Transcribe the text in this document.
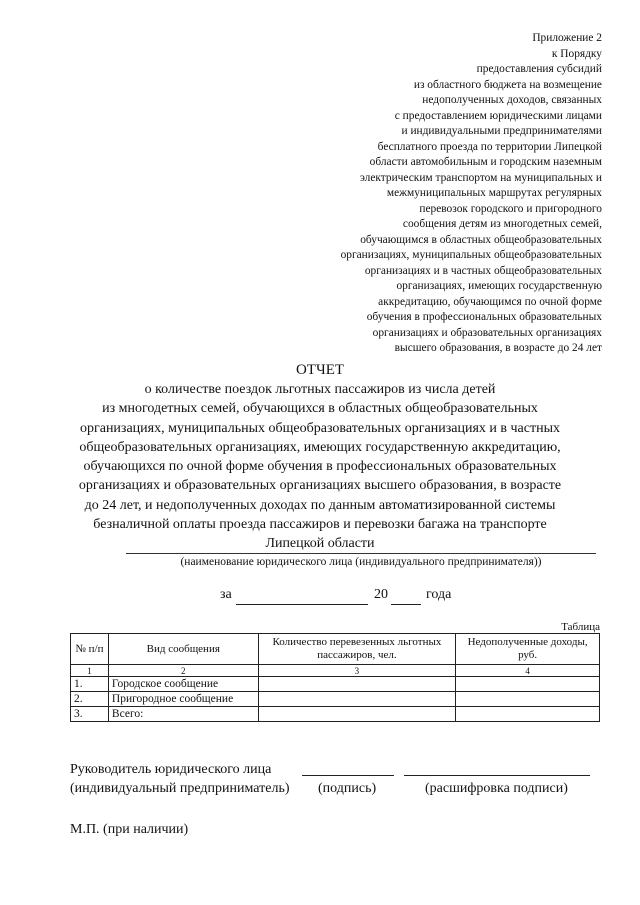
Приложение 2
к Порядку
предоставления субсидий
из областного бюджета на возмещение
недополученных доходов, связанных
с предоставлением юридическими лицами
и индивидуальными предпринимателями
бесплатного проезда по территории Липецкой
области автомобильным и городским наземным
электрическим транспортом на муниципальных и
межмуниципальных маршрутах регулярных
перевозок городского и пригородного
сообщения детям из многодетных семей,
обучающимся в областных общеобразовательных
организациях, муниципальных общеобразовательных
организациях и в частных общеобразовательных
организациях, имеющих государственную
аккредитацию, обучающимся по очной форме
обучения в профессиональных образовательных
организациях и образовательных организациях
высшего образования, в возрасте до 24 лет
ОТЧЕТ
о количестве поездок льготных пассажиров из числа детей
из многодетных семей, обучающихся в областных общеобразовательных
организациях, муниципальных общеобразовательных организациях и в частных
общеобразовательных организациях, имеющих государственную аккредитацию,
обучающихся по очной форме обучения в профессиональных образовательных
организациях и образовательных организациях высшего образования, в возрасте
до 24 лет, и недополученных доходах по данным автоматизированной системы
безналичной оплаты проезда пассажиров и перевозки багажа на транспорте
Липецкой области
(наименование юридического лица (индивидуального предпринимателя))
за	20	года
Таблица
№ п/п	Вид сообщения	Количество перевезенных льготных пассажиров, чел.	Недополученные доходы, руб.
1	2	3	4
1.	Городское сообщение		
2.	Пригородное сообщение		
3.	Всего:		
Руководитель юридического лица
(индивидуальный предприниматель) (подпись)	(расшифровка подписи)
М.П. (при наличии)
